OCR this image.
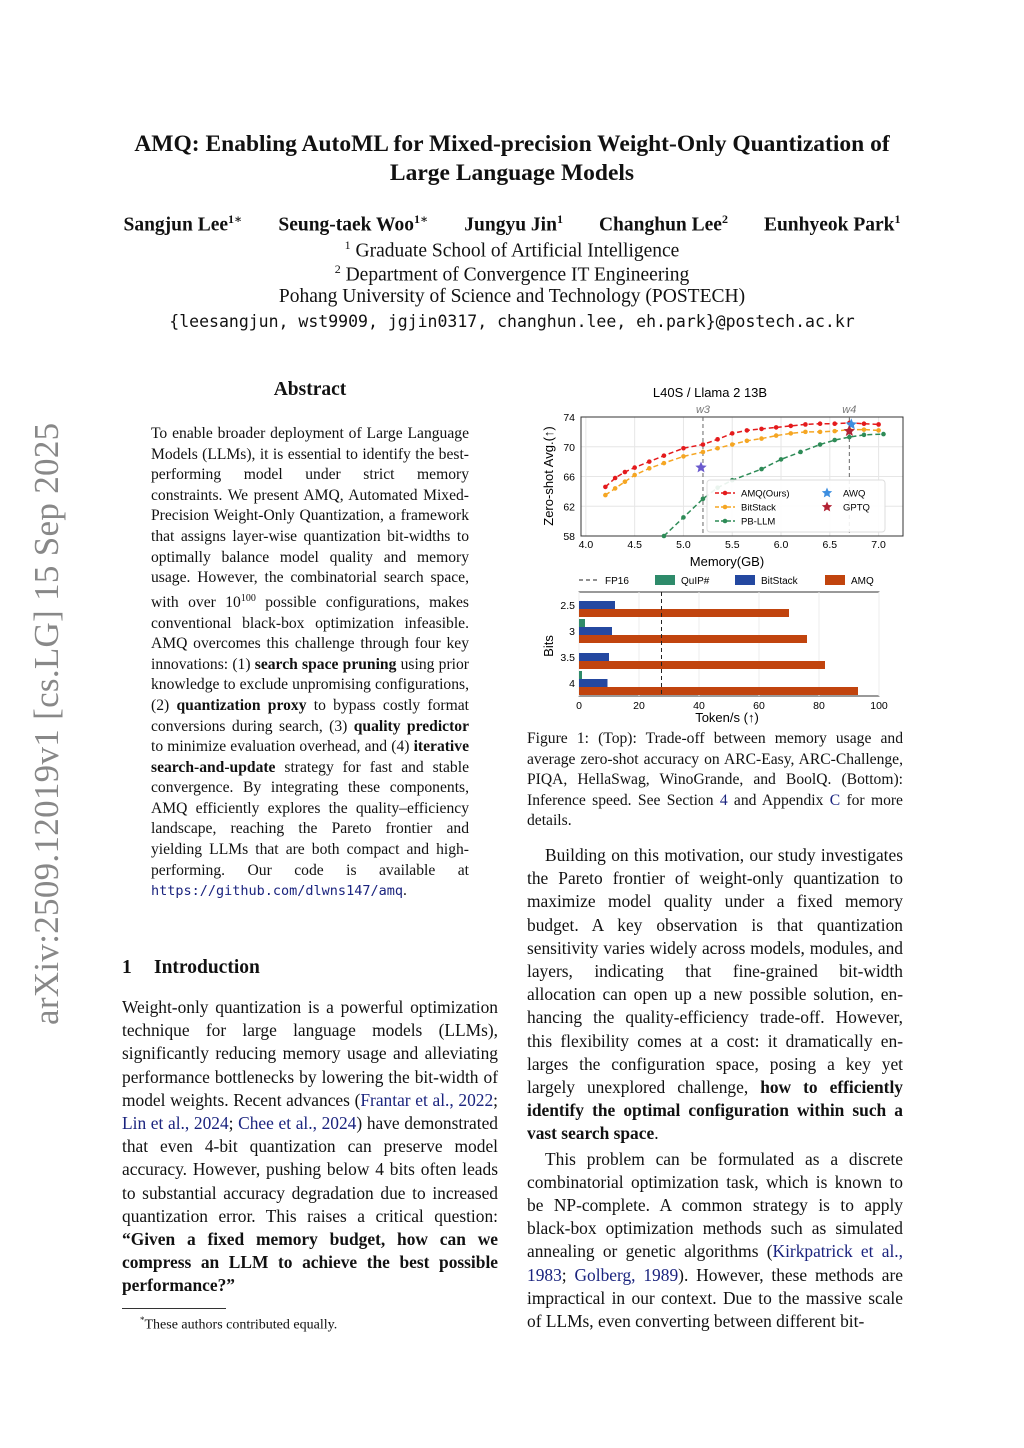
arXiv:2509.12019v1 [cs.LG] 15 Sep 2025
AMQ: Enabling AutoML for Mixed-precision Weight-Only Quantization of
Large Language Models
Sangjun Lee$^{1∗}$ Seung-taek Woo$^{1∗}$ Jungyu Jin$^1$ Changhun Lee$^2$ Eunhyeok Park$^1$
$^1$ Graduate School of Artificial Intelligence
$^2$ Department of Convergence IT Engineering
Pohang University of Science and Technology (POSTECH)
{leesangjun, wst9909, jgjin0317, changhun.lee, eh.park}@postech.ac.kr
Abstract
To enable broader deployment of Large Language Models (LLMs), it is essential to identify the best-performing model under strict memory constraints. We present AMQ, Automated Mixed-Precision Weight-Only Quantization, a framework that assigns layer-wise quantization bit-widths to optimally balance model quality and memory usage. However, the combinatorial search space, with over $10^{100}$ possible configurations, makes conventional black-box optimization infeasible. AMQ overcomes this challenge through four key innovations: (1) search space pruning using prior knowledge to exclude unpromising configurations, (2) quantization proxy to bypass costly format conversions during search, (3) quality predictor to minimize evaluation overhead, and (4) iterative search-and-update strategy for fast and stable convergence. By integrating these components, AMQ efficiently explores the quality–efficiency landscape, reaching the Pareto frontier and yielding LLMs that are both compact and high-performing. Our code is available at https://github.com/dlwns147/amq.
1 Introduction

Weight-only quantization is a powerful optimization technique for large language models (LLMs), significantly reducing memory usage and alleviating performance bottlenecks by lowering the bit-width of model weights. Recent advances (Frantar et al., 2022; Lin et al., 2024; Chee et al., 2024) have demonstrated that even 4-bit quantization can preserve model accuracy. However, pushing below 4 bits often leads to substantial accuracy degradation due to increased quantization error. This raises a critical question: “Given a fixed memory budget, how can we compress an LLM to achieve the best possible performance?”

*These authors contributed equally.
L40S / Llama 2 13B
w3	w4
4.0	4.5	5.0	5.5	6.0	6.5	7.0
58
62
66
70
74
Memory(GB)
Zero-shot Avg.(↑)	AMQ(Ours)	AWQ
BitStack	GPTQ
PB-LLM
FP16	QuIP#	BitStack	AMQ
0	20	40	60	80	100
2.5
3
3.5
4
Token/s (↑)
Bits
Figure 1: (Top): Trade-off between memory usage and average zero-shot accuracy on ARC-Easy, ARC-Challenge, PIQA, HellaSwag, WinoGrande, and BoolQ. (Bottom): Inference speed. See Section 4 and Appendix C for more details.

Building on this motivation, our study investigates the Pareto frontier of weight-only quantization to maximize model quality under a fixed memory budget. A key observation is that quantization sensitivity varies widely across models, modules, and layers, indicating that fine-grained bit-width allocation can open up a new possible solution, enhancing the quality-efficiency trade-off. However, this flexibility comes at a cost: it dramatically enlarges the configuration space, posing a key yet largely unexplored challenge, how to efficiently identify the optimal configuration within such a vast search space.

This problem can be formulated as a discrete combinatorial optimization task, which is known to be NP-complete. A common strategy is to apply black-box optimization methods such as simulated annealing or genetic algorithms (Kirkpatrick et al., 1983; Golberg, 1989). However, these methods are impractical in our context. Due to the massive scale of LLMs, even converting between different bit-
